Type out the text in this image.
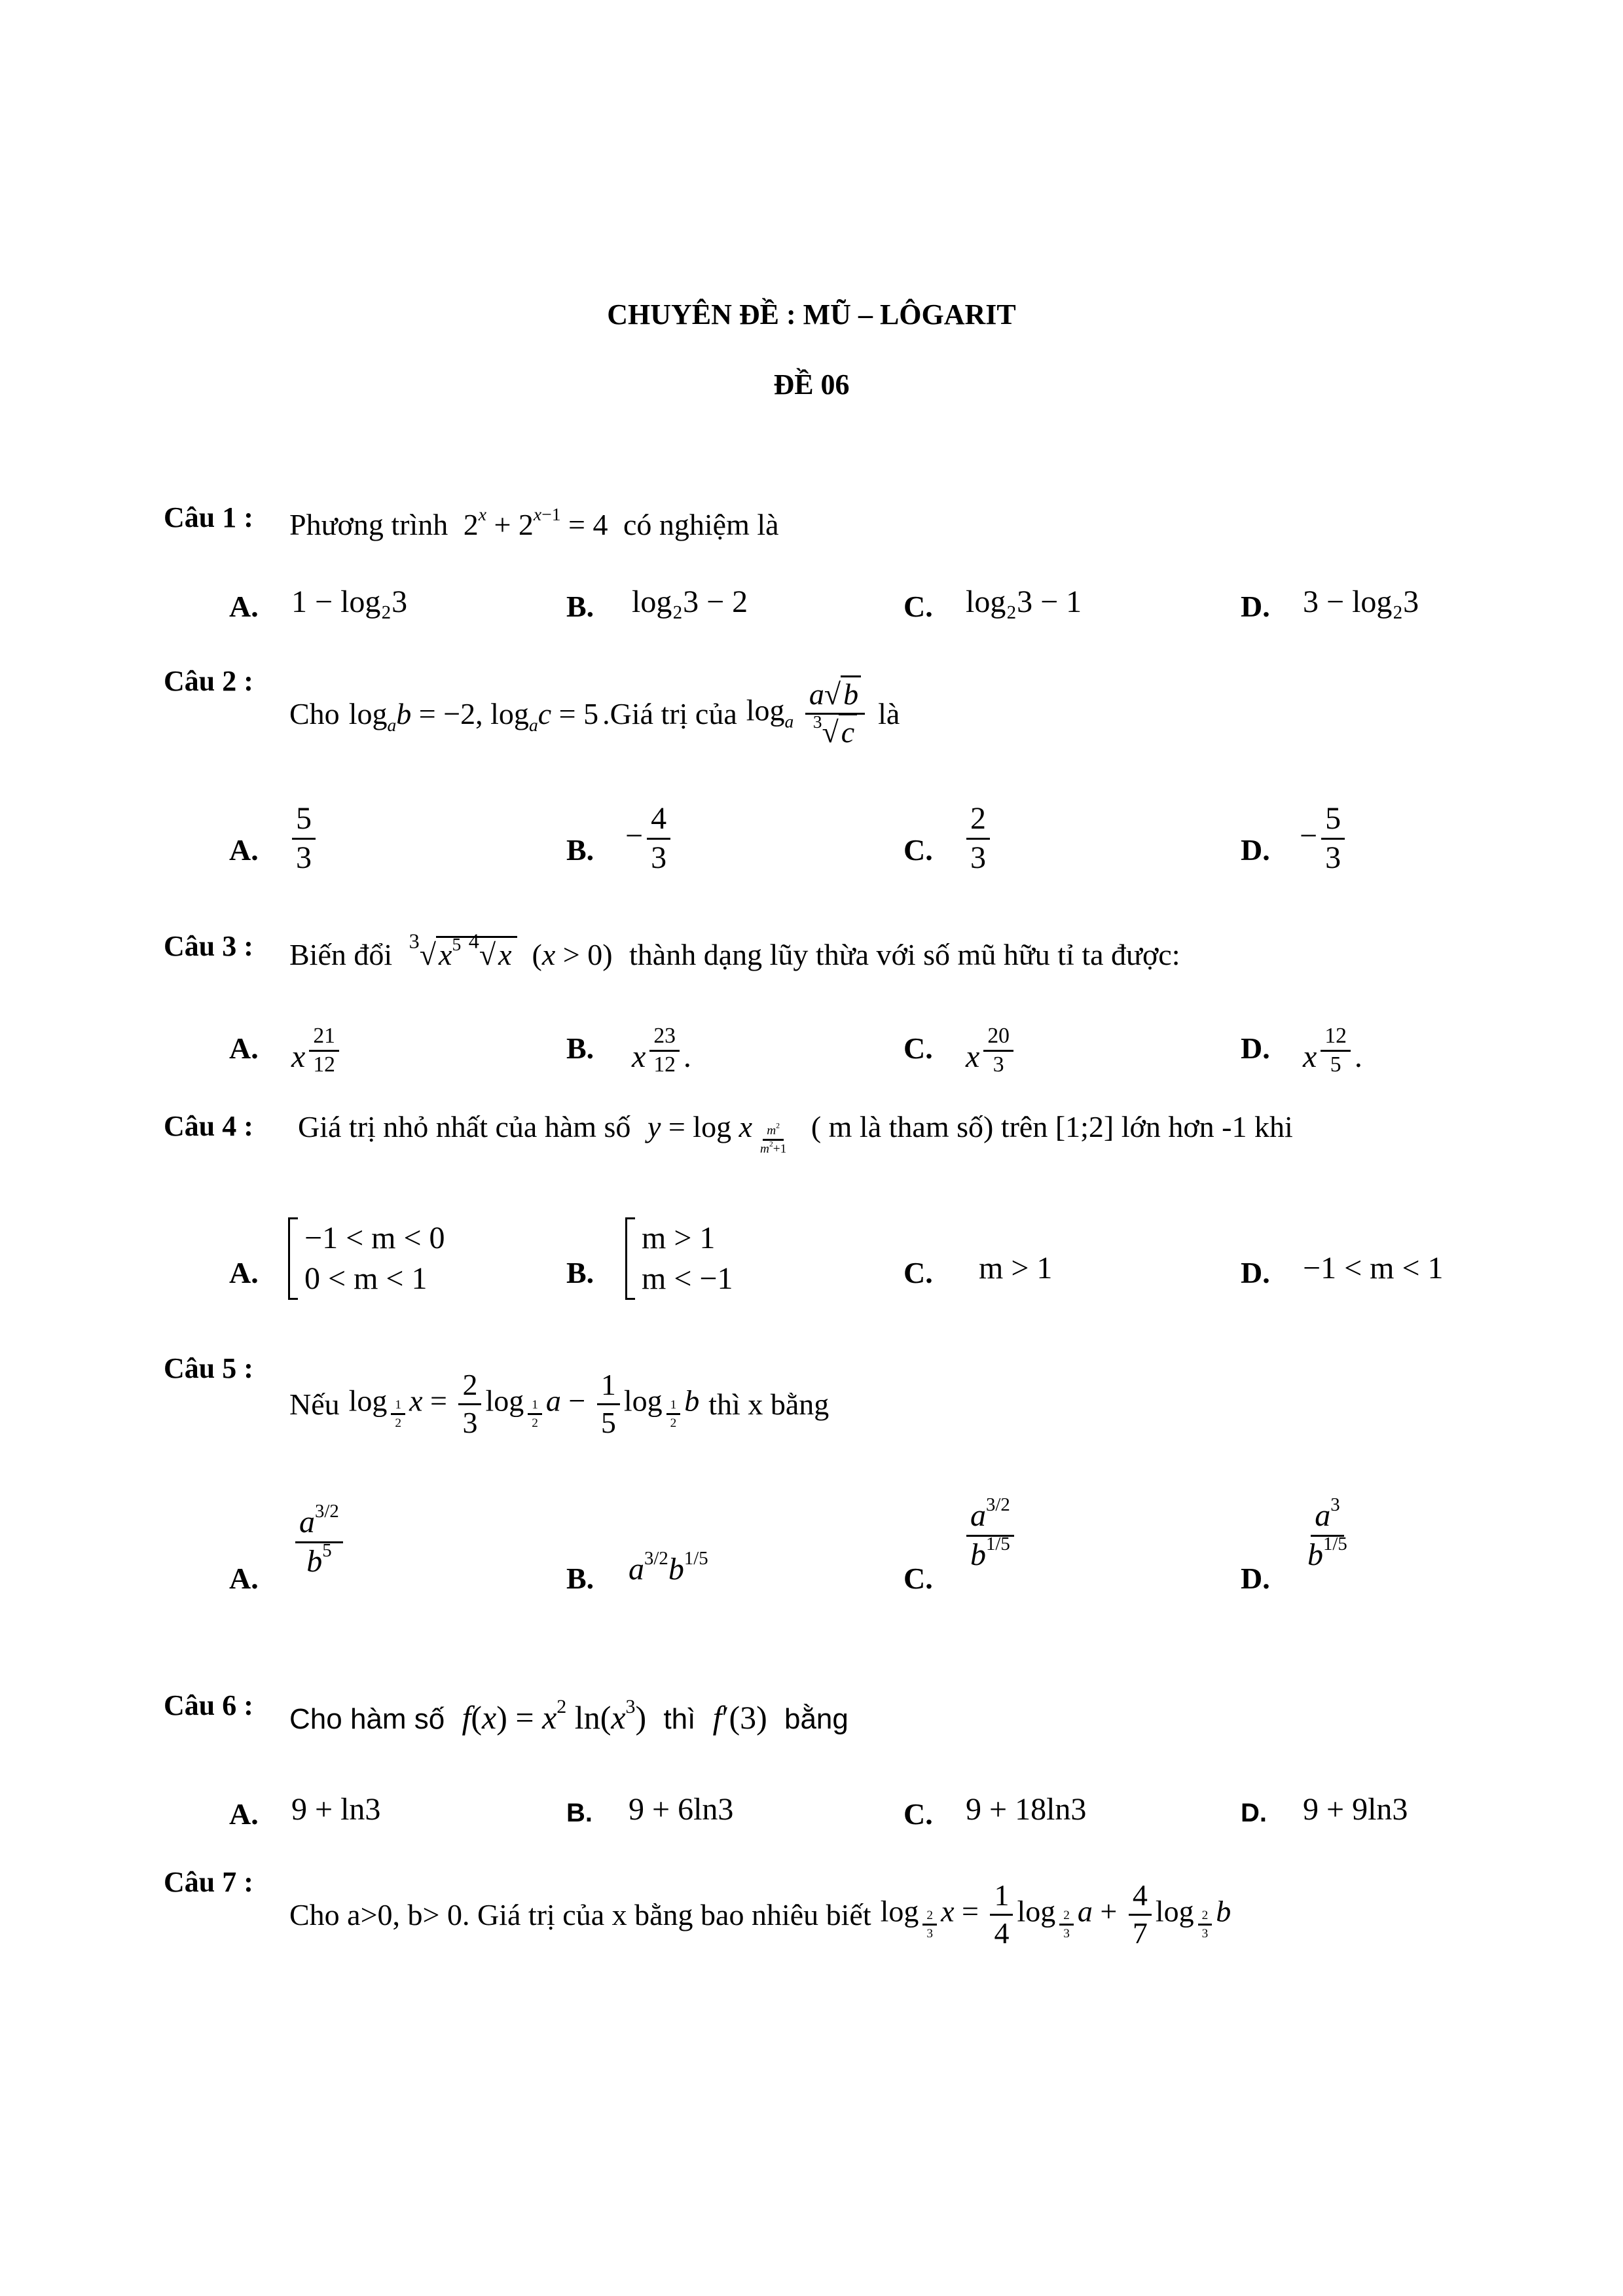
CHUYÊN ĐỀ : MŨ – LÔGARIT
ĐỀ 06
Câu 1 : Phương trình $2^x + 2^{x-1} = 4$ có nghiệm là
A. 1 − log₂3	B. log₂3 − 2	C. log₂3 − 1	D. 3 − log₂3
Câu 2 :
Cho $\log_ab = -2$, $\log_ac = 5$ .Giá trị của $\log_a \frac{a√b}{^3√c}$ là
A. $\frac{5}{3}$	B. − $\frac{4}{3}$	C. $\frac{2}{3}$	D. − $\frac{5}{3}$
Câu 3 : Biến đổi $^3√x^5$ $^4$√x  (x > 0) thành dạng lũy thừa với số mũ hữu tỉ ta được:
A. x $\frac{21}{12}$	B. x $\frac{23}{12}$ .	C. x $\frac{20}{3}$	D. x $\frac{12}{5}$ .
Câu 4 : Giá trị nhỏ nhất của hàm số y = log x $_{\frac{m^2}{m^2+1}}$ ( m là tham số) trên [1;2] lớn hơn -1 khi
A.
−1 < m < 0
0 < m < 1	B.
m > 1
m < −1	C. m > 1	D. −1 < m < 1
Câu 5 :
Nếu log $_{\frac{1}{2}}$ $x = \frac{2}{3}$ log $_{\frac{1}{2}}$ $a - \frac{1}{5}$ log $_{\frac{1}{2}}$ b thì x bằng
A. $\frac{a^{3/2}}{b^5}$	B. $a^{3/2}b^{1/5}$
C.
$\frac{a^{3/2}}{b^{1/5}}$
D.
$\frac{a^3}{b^{1/5}}$
Câu 6 : Cho hàm số $f(x) = x^2$ $\ln(x^3)$ thì f′(3) bằng
A. 9 + ln3	B. 9 + 6ln3	C. 9 + 18ln3	D. 9 + 9ln3
Câu 7 :
Cho a>0, b> 0. Giá trị của x bằng bao nhiêu biết log $_{\frac{2}{3}}$ $x = \frac{1}{4}$ log $_{\frac{2}{3}}$ $a + \frac{4}{7}$ log $_{\frac{2}{3}}$ b
